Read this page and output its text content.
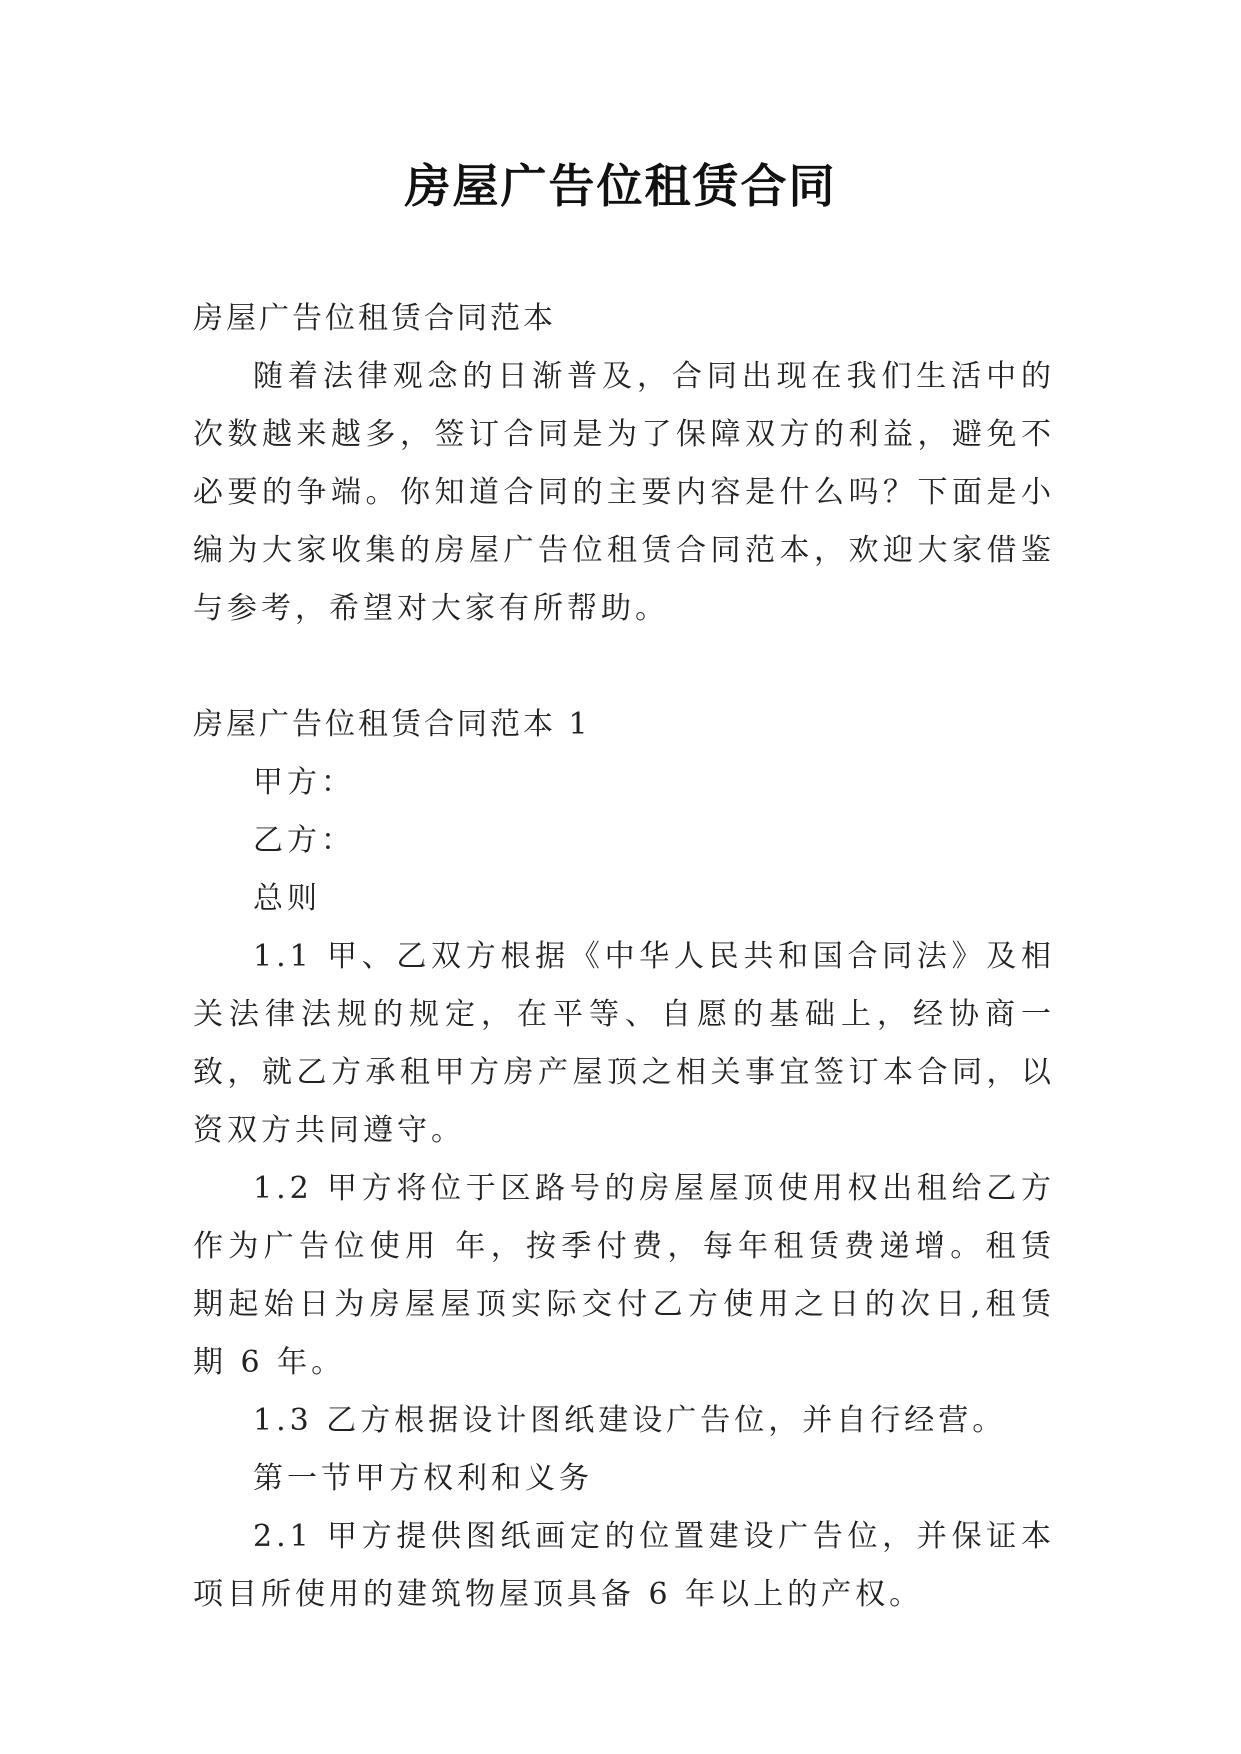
房屋广告位租赁合同

房屋广告位租赁合同范本

随着法律观念的日渐普及，合同出现在我们生活中的次数越来越多，签订合同是为了保障双方的利益，避免不必要的争端。你知道合同的主要内容是什么吗？下面是小编为大家收集的房屋广告位租赁合同范本，欢迎大家借鉴与参考，希望对大家有所帮助。

房屋广告位租赁合同范本 1

甲方：

乙方：

总则

1.1 甲、乙双方根据《中华人民共和国合同法》及相关法律法规的规定，在平等、自愿的基础上，经协商一致，就乙方承租甲方房产屋顶之相关事宜签订本合同，以资双方共同遵守。

1.2 甲方将位于区路号的房屋屋顶使用权出租给乙方作为广告位使用 年，按季付费，每年租赁费递增。租赁期起始日为房屋屋顶实际交付乙方使用之日的次日,租赁期 6 年。

1.3 乙方根据设计图纸建设广告位，并自行经营。

第一节甲方权利和义务

2.1 甲方提供图纸画定的位置建设广告位，并保证本项目所使用的建筑物屋顶具备 6 年以上的产权。
